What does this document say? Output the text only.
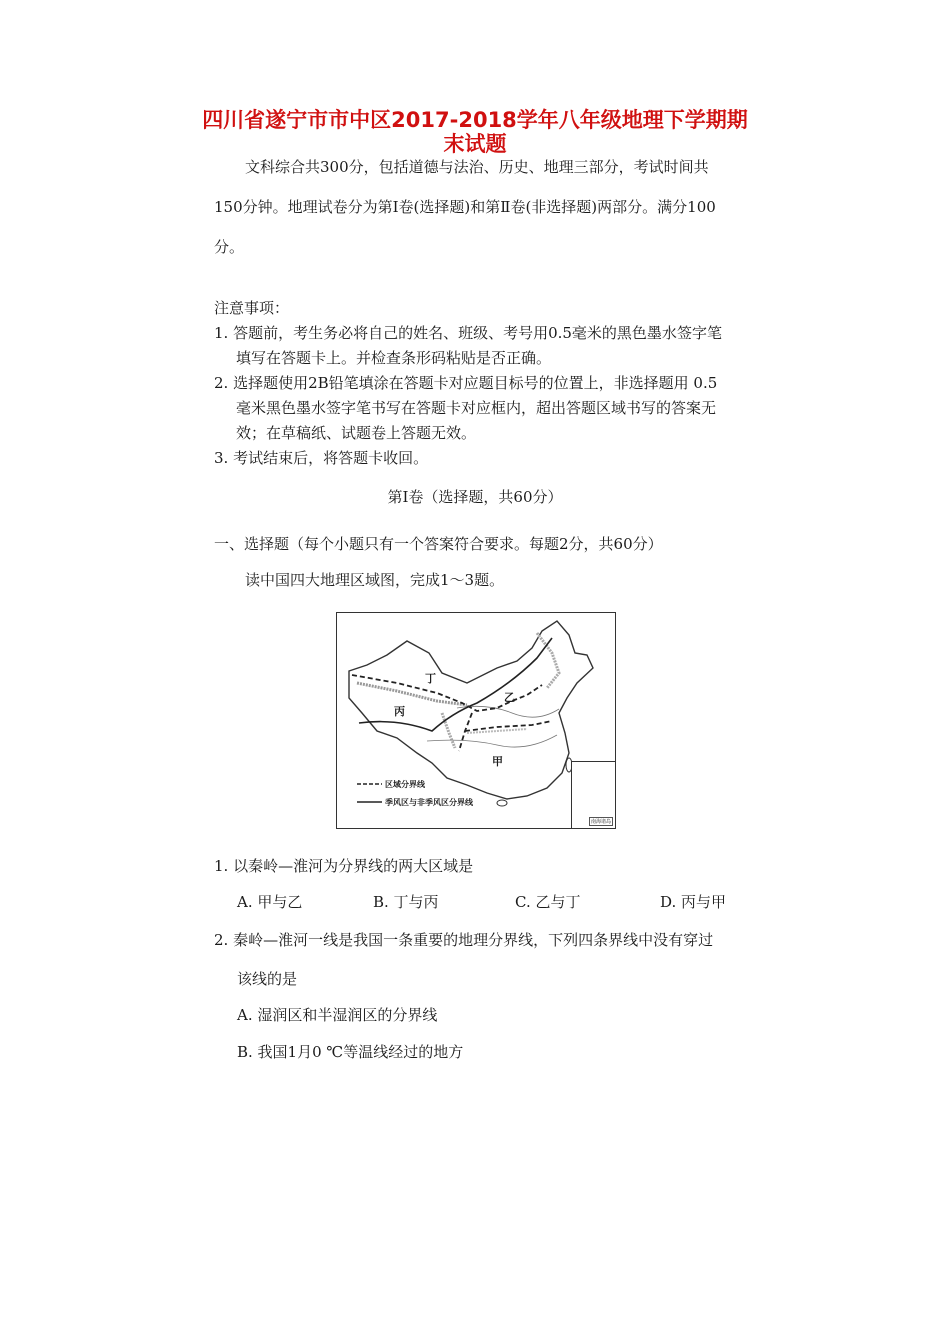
四川省遂宁市市中区2017-2018学年八年级地理下学期期
末试题
文科综合共300分，包括道德与法治、历史、地理三部分，考试时间共
150分钟。地理试卷分为第Ⅰ卷(选择题)和第Ⅱ卷(非选择题)两部分。满分100
分。
注意事项：
1. 答题前，考生务必将自己的姓名、班级、考号用0.5毫米的黑色墨水签字笔
填写在答题卡上。并检查条形码粘贴是否正确。
2. 选择题使用2B铅笔填涂在答题卡对应题目标号的位置上，非选择题用 0.5
毫米黑色墨水签字笔书写在答题卡对应框内，超出答题区域书写的答案无
效；在草稿纸、试题卷上答题无效。
3. 考试结束后，将答题卡收回。
第Ⅰ卷（选择题，共60分）
一、选择题（每个小题只有一个答案符合要求。每题2分，共60分）
读中国四大地理区域图，完成1～3题。
丁
乙
丙
甲
区域分界线
季风区与非季风区分界线
南海诸岛
1. 以秦岭—淮河为分界线的两大区域是
A. 甲与乙	B. 丁与丙	C. 乙与丁	D. 丙与甲
2. 秦岭—淮河一线是我国一条重要的地理分界线，下列四条界线中没有穿过
该线的是
A. 湿润区和半湿润区的分界线
B. 我国1月0 ℃等温线经过的地方
